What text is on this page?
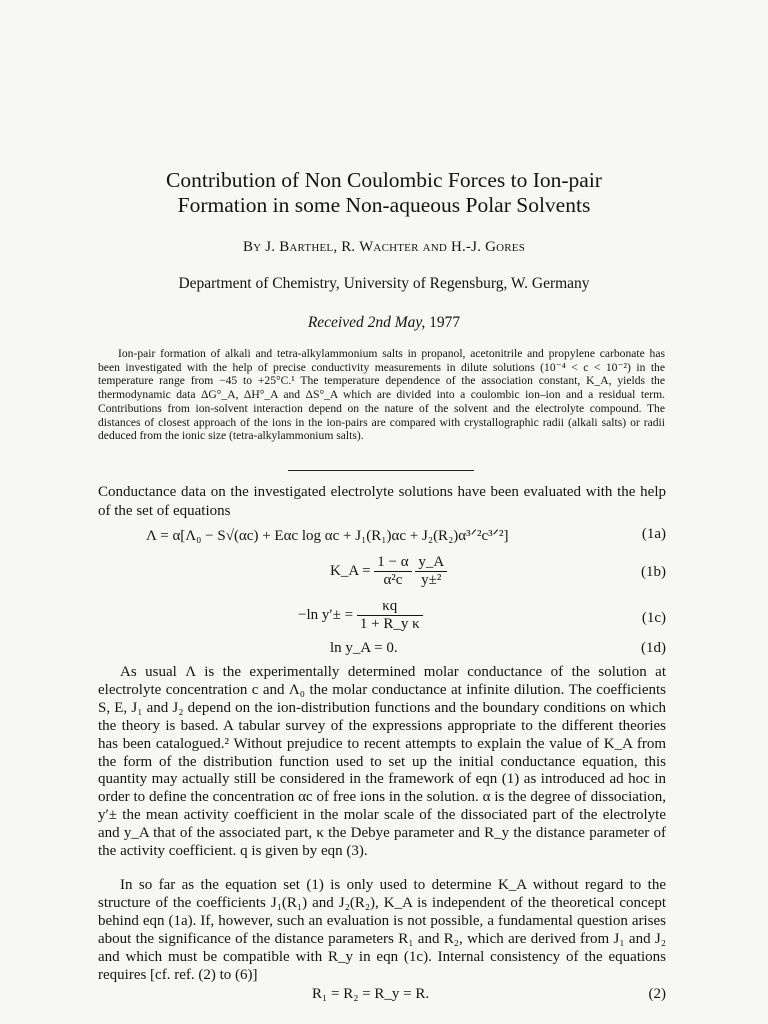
Contribution of Non Coulombic Forces to Ion-pair
Formation in some Non-aqueous Polar Solvents
By J. Barthel, R. Wachter and H.-J. Gores
Department of Chemistry, University of Regensburg, W. Germany
Received 2nd May, 1977
Ion-pair formation of alkali and tetra-alkylammonium salts in propanol, acetonitrile and propylene carbonate has been investigated with the help of precise conductivity measurements in dilute solutions (10⁻⁴ < c < 10⁻²) in the temperature range from −45 to +25°C.¹ The temperature dependence of the association constant, K_A, yields the thermodynamic data ΔG°_A, ΔH°_A and ΔS°_A which are divided into a coulombic ion–ion and a residual term. Contributions from ion-solvent interaction depend on the nature of the solvent and the electrolyte compound. The distances of closest approach of the ions in the ion-pairs are compared with crystallographic radii (alkali salts) or radii deduced from the ionic size (tetra-alkylammonium salts).
Conductance data on the investigated electrolyte solutions have been evaluated with the help of the set of equations
Λ = α[Λ₀ − S√(αc) + Eαc log αc + J₁(R₁)αc + J₂(R₂)α³ᐟ²c³ᐟ²]	(1a)
K_A = $\frac{1 - \alpha}{\text{α²c}}$
$\frac{y\_A}{\text{y±²}}$	(1b)
−ln $y'\pm = \frac{\kappa q}{\text{1 + R\_y κ}}$	(1c)
ln y_A = 0.	(1d)

As usual Λ is the experimentally determined molar conductance of the solution at electrolyte concentration c and Λ₀ the molar conductance at infinite dilution. The coefficients S, E, J₁ and J₂ depend on the ion-distribution functions and the boundary conditions on which the theory is based. A tabular survey of the expressions appropriate to the different theories has been catalogued.² Without prejudice to recent attempts to explain the value of K_A from the form of the distribution function used to set up the initial conductance equation, this quantity may actually still be considered in the framework of eqn (1) as introduced ad hoc in order to define the concentration αc of free ions in the solution. α is the degree of dissociation, y′± the mean activity coefficient in the molar scale of the dissociated part of the electrolyte and y_A that of the associated part, κ the Debye parameter and R_y the distance parameter of the activity coefficient. q is given by eqn (3).

In so far as the equation set (1) is only used to determine K_A without regard to the structure of the coefficients J₁(R₁) and J₂(R₂), K_A is independent of the theoretical concept behind eqn (1a). If, however, such an evaluation is not possible, a fundamental question arises about the significance of the distance parameters R₁ and R₂, which are derived from J₁ and J₂ and which must be compatible with R_y in eqn (1c). Internal consistency of the equations requires [cf. ref. (2) to (6)]

R₁ = R₂ = R_y = R.	(2)
